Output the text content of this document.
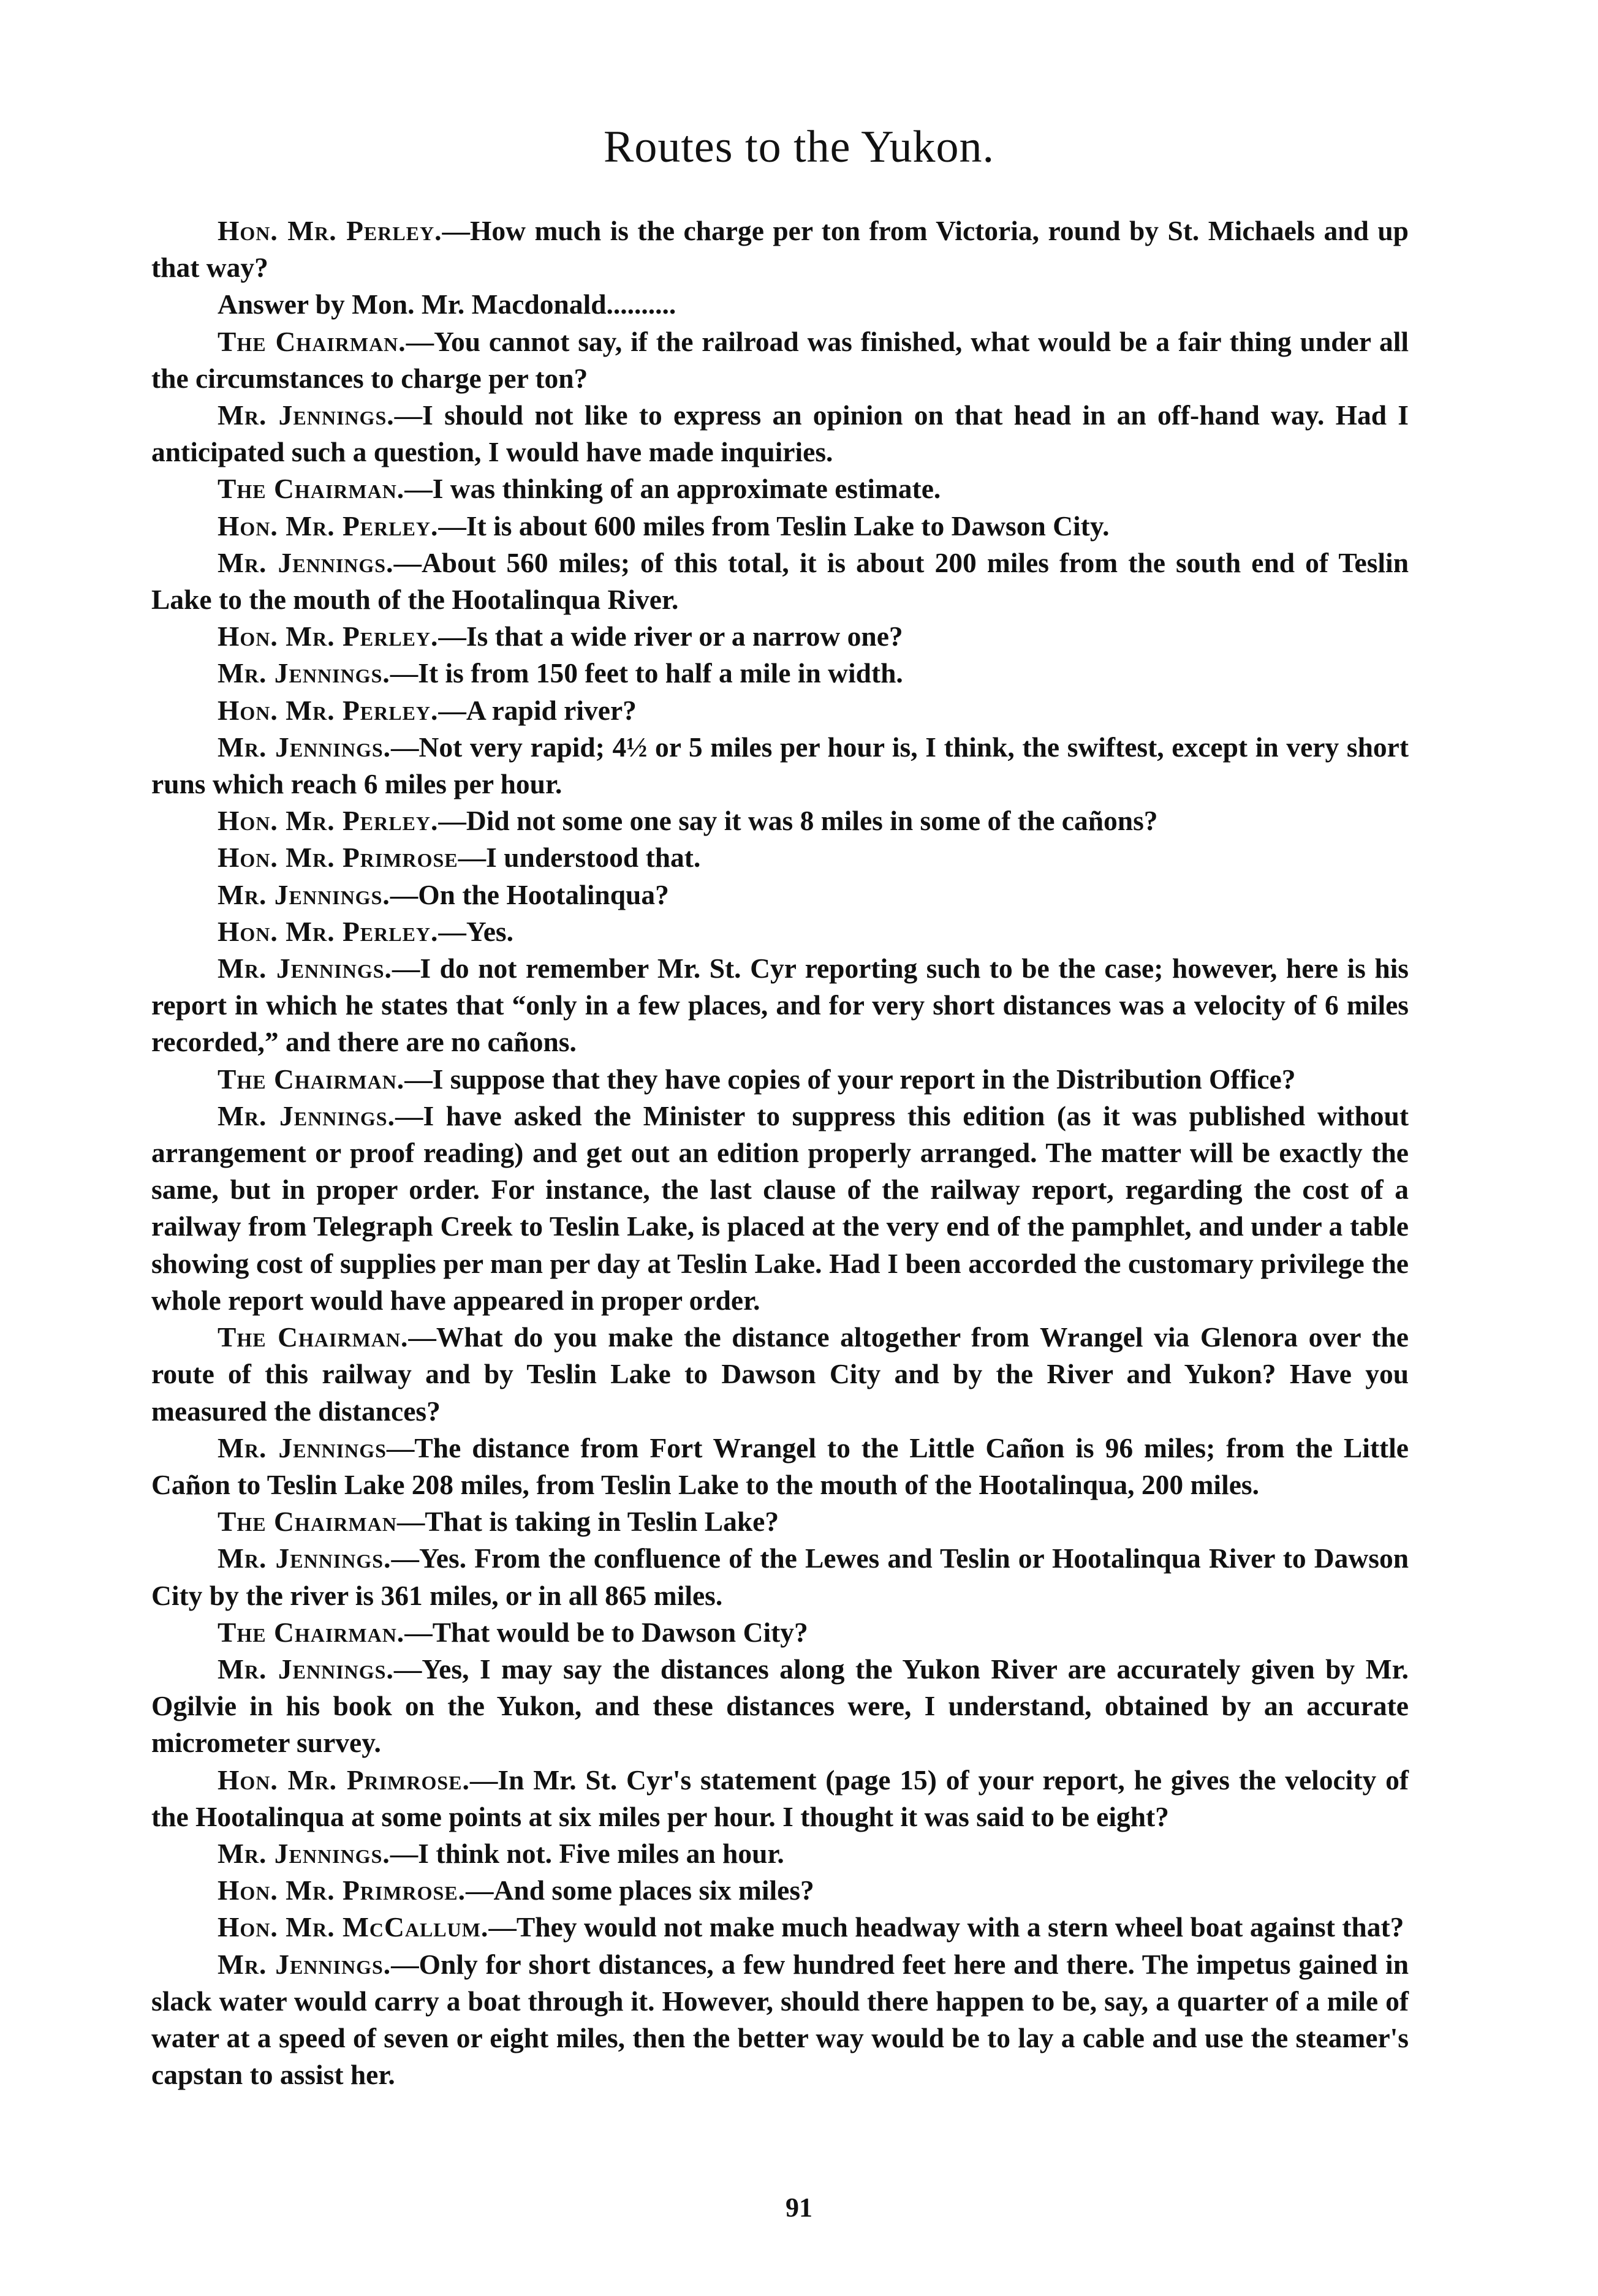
Routes to the Yukon.

Hon. Mr. Perley.—How much is the charge per ton from Victoria, round by St. Michaels and up that way?

Answer by Mon. Mr. Macdonald..........

The Chairman.—You cannot say, if the railroad was finished, what would be a fair thing under all the circumstances to charge per ton?

Mr. Jennings.—I should not like to express an opinion on that head in an off-hand way. Had I anticipated such a question, I would have made inquiries.

The Chairman.—I was thinking of an approximate estimate.

Hon. Mr. Perley.—It is about 600 miles from Teslin Lake to Dawson City.

Mr. Jennings.—About 560 miles; of this total, it is about 200 miles from the south end of Teslin Lake to the mouth of the Hootalinqua River.

Hon. Mr. Perley.—Is that a wide river or a narrow one?

Mr. Jennings.—It is from 150 feet to half a mile in width.

Hon. Mr. Perley.—A rapid river?

Mr. Jennings.—Not very rapid; 4½ or 5 miles per hour is, I think, the swiftest, except in very short runs which reach 6 miles per hour.

Hon. Mr. Perley.—Did not some one say it was 8 miles in some of the cañons?

Hon. Mr. Primrose—I understood that.

Mr. Jennings.—On the Hootalinqua?

Hon. Mr. Perley.—Yes.

Mr. Jennings.—I do not remember Mr. St. Cyr reporting such to be the case; however, here is his report in which he states that “only in a few places, and for very short distances was a velocity of 6 miles recorded,” and there are no cañons.

The Chairman.—I suppose that they have copies of your report in the Distribution Office?

Mr. Jennings.—I have asked the Minister to suppress this edition (as it was published without arrangement or proof reading) and get out an edition properly arranged. The matter will be exactly the same, but in proper order. For instance, the last clause of the railway report, regarding the cost of a railway from Telegraph Creek to Teslin Lake, is placed at the very end of the pamphlet, and under a table showing cost of supplies per man per day at Teslin Lake. Had I been accorded the customary privilege the whole report would have appeared in proper order.

The Chairman.—What do you make the distance altogether from Wrangel via Glenora over the route of this railway and by Teslin Lake to Dawson City and by the River and Yukon? Have you measured the distances?

Mr. Jennings—The distance from Fort Wrangel to the Little Cañon is 96 miles; from the Little Cañon to Teslin Lake 208 miles, from Teslin Lake to the mouth of the Hootalinqua, 200 miles.

The Chairman—That is taking in Teslin Lake?

Mr. Jennings.—Yes. From the confluence of the Lewes and Teslin or Hootalinqua River to Dawson City by the river is 361 miles, or in all 865 miles.

The Chairman.—That would be to Dawson City?

Mr. Jennings.—Yes, I may say the distances along the Yukon River are accurately given by Mr. Ogilvie in his book on the Yukon, and these distances were, I understand, obtained by an accurate micrometer survey.

Hon. Mr. Primrose.—In Mr. St. Cyr's statement (page 15) of your report, he gives the velocity of the Hootalinqua at some points at six miles per hour. I thought it was said to be eight?

Mr. Jennings.—I think not. Five miles an hour.

Hon. Mr. Primrose.—And some places six miles?

Hon. Mr. McCallum.—They would not make much headway with a stern wheel boat against that?

Mr. Jennings.—Only for short distances, a few hundred feet here and there. The impetus gained in slack water would carry a boat through it. However, should there happen to be, say, a quarter of a mile of water at a speed of seven or eight miles, then the better way would be to lay a cable and use the steamer's capstan to assist her.

91
